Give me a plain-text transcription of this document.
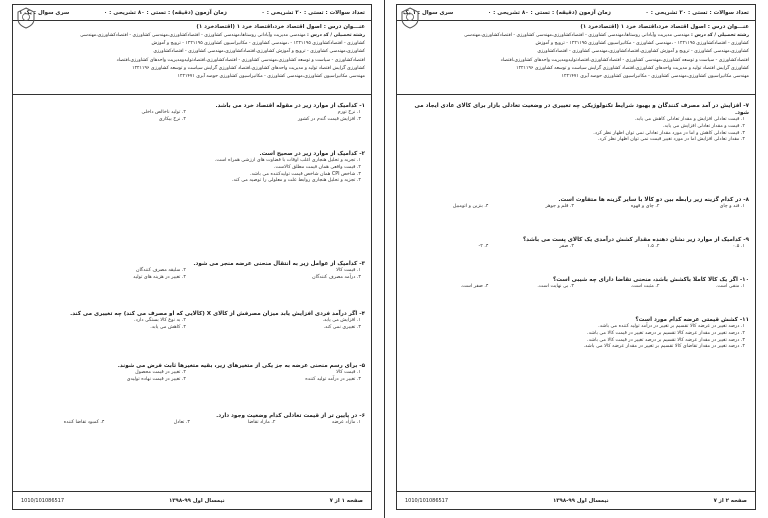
تعداد سوالات : تستی : ۲۰ تشریحی : ۰
زمان آزمون (دقیقه) : تستی : ۸۰ تشریحی : ۰
سری سوال : یک ۱
عنـــوان درس : اصول اقتصاد خرد،اقتصاد خرد ۱ (اقتصادخرد ۱)
رشته تحصیلی / کد درس : مهندسی مدیریت وآبادانی روستاها،مهندسی کشاورزی - اقتصادکشاورزی،مهندسی کشاورزی - اقتصادکشاورزی،مهندسی
کشاورزی - اقتصادکشاورزی ۱۲۲۱۱۹۵ - ،مهندسی کشاورزی - مکانیزاسیون کشاورزی ۱۲۲۱۱۹۵ - ترویج و آموزش
کشاورزی،مهندسی کشاورزی - ترویج و آموزش کشاورزی،اقتصادکشاورزی،مهندسی کشاورزی - اقتصادکشاورزی
اقتصادکشاورزی - سیاست و توسعه کشاورزی،مهندسی کشاورزی - اقتصادکشاورزی،اقتصادتولیدومدیریت واحدهای کشاورزی،اقتصاد
کشاورزی گرایش اقتصاد تولید و مدیریت واحدهای کشاورزی،اقتصاد کشاورزی گرایش سیاست و توسعه کشاورزی ۱۲۲۱۱۹۶
مهندسی مکانیزاسیون کشاورزی،مهندسی کشاورزی - مکانیزاسیون کشاورزی حوضه آبزی ۱۲۲۱۴۷۱
۱- کدامیک از موارد زیر در مقوله اقتصاد خرد می باشد.
۱. نرخ تورم
۲. تولید ناخالص داخلی
۳. افزایش قیمت گندم در کشور
۴. نرخ بیکاری
۲- کدامیک از موارد زیر در صحیح است.
۱. تجربه و تحلیل هنجاری اغلب اوقات با قضاوت های ارزشی همراه است.
۲. قیمت واقعی همان قیمت مطلق کالاست.
۳. شاخص CPI همان شاخص قیمت تولیدکننده می باشد.
۴. تجزیه و تحلیل هنجاری روابط علت و معلولی را توصیه می کند.
۳- کدامیک از عوامل زیر به انتقال منحنی عرضه منجر می شود.
۱. قیمت کالا
۲. سلیقه مصرف کنندگان
۳. درآمد مصرف کنندگان
۴. تغییر در هزینه های تولید
۴- اگر درآمد فردی افزایش یابد میزان مصرفش از کالای X (کالایی که او مصرف می کند) چه تغییری می کند.
۱. افزایش می یابد.
۲. به نوع کالا بستگی دارد.
۳. تغییری نمی کند.
۴. کاهش می یابد.
۵- برای رسم منحنی عرضه به جز یکی از متغیرهای زیر، بقیه متغیرها ثابت فرض می شوند.
۱. قیمت کالا
۲. تغییر در قیمت محصول
۳. تغییر در درآمد تولید کننده
۴. تغییر در قیمت نهاده تولیدی
۶- در پایین تر از قیمت تعادلی کدام وضعیت وجود دارد.
۱. مازاد عرضه
۲. مازاد تقاضا
۳. تعادل
۴. کمبود تقاضا کننده
صفحه ۱ از ۷
نیمسال اول ۹۹-۱۳۹۸
1010/101086517
تعداد سوالات : تستی : ۲۰ تشریحی : ۰
زمان آزمون (دقیقه) : تستی : ۸۰ تشریحی : ۰
سری سوال : ۱ یک
عنـــوان درس : اصول اقتصاد خرد،اقتصاد خرد ۱ (اقتصادخرد ۱)
رشته تحصیلی / کد درس : مهندسی مدیریت وآبادانی روستاها،مهندسی کشاورزی - اقتصادکشاورزی،مهندسی کشاورزی - اقتصادکشاورزی،مهندسی
کشاورزی - اقتصادکشاورزی ۱۲۲۱۱۹۵ - ،مهندسی کشاورزی - مکانیزاسیون کشاورزی ۱۲۲۱۱۹۵ - ترویج و آموزش
کشاورزی،مهندسی کشاورزی - ترویج و آموزش کشاورزی،اقتصادکشاورزی،مهندسی کشاورزی - اقتصادکشاورزی
اقتصادکشاورزی - سیاست و توسعه کشاورزی،مهندسی کشاورزی - اقتصادکشاورزی،اقتصادتولیدومدیریت واحدهای کشاورزی،اقتصاد
کشاورزی گرایش اقتصاد تولید و مدیریت واحدهای کشاورزی،اقتصاد کشاورزی گرایش سیاست و توسعه کشاورزی ۱۲۲۱۱۹۶
مهندسی مکانیزاسیون کشاورزی،مهندسی کشاورزی - مکانیزاسیون کشاورزی حوضه آبزی ۱۲۲۱۴۷۱
۷- افزایش در آمد مصرف کنندگان و بهبود شرایط تکنولوژیکی چه تغییری در وضعیت تعادلی بازار برای کالای عادی ایجاد می شود.
۱. قیمت تعادلی افزایش و مقدار تعادلی کاهش می یابد.
۲. قیمت و مقدار تعادلی افزایش می یابد.
۳. قیمت تعادلی کاهش و اما در مورد مقدار تعادلی نمی توان اظهار نظر کرد.
۴. مقدار تعادلی افزایش اما در مورد تغییر قیمت نمی توان اظهار نظر کرد.
۸- در کدام گزینه زیر رابطه بین دو کالا با سایر گزینه ها متفاوت است.
۱. قند و چای
۲. چای و قهوه
۳. قلم و جوهر
۴. بنزین و اتومبیل
۹- کدامیک از موارد زیر نشان دهنده مقدار کشش درآمدی یک کالای پست می باشد؟
۱. ۰.۵
۲. ۱.۵
۳. صفر
۴. ۲-
۱۰- اگر یک کالا کاملا باکشش باشد، منحنی تقاضا دارای چه شیبی است؟
۱. منفی است.
۲. مثبت است.
۳. بی نهایت است.
۴. صفر است.
۱۱- کشش قیمتی عرضه کدام مورد است؟
۱. درصد تغییر در عرضه کالا تقسیم بر تغییر در درآمد تولید کننده می باشد.
۲. درصد تغییر در مقدار عرضه کالا تقسیم بر درصد تغییر در قیمت کالا می باشد.
۳. درصد تغییر در مقدار عرضه کالا تقسیم بر درصد تغییر در قیمت کالا می باشد.
۴. درصد تغییر در مقدار تقاضای کالا تقسیم بر تغییر در مقدار عرضه کالا می باشد.
صفحه ۲ از ۷
نیمسال اول ۹۹-۱۳۹۸
1010/101086517
